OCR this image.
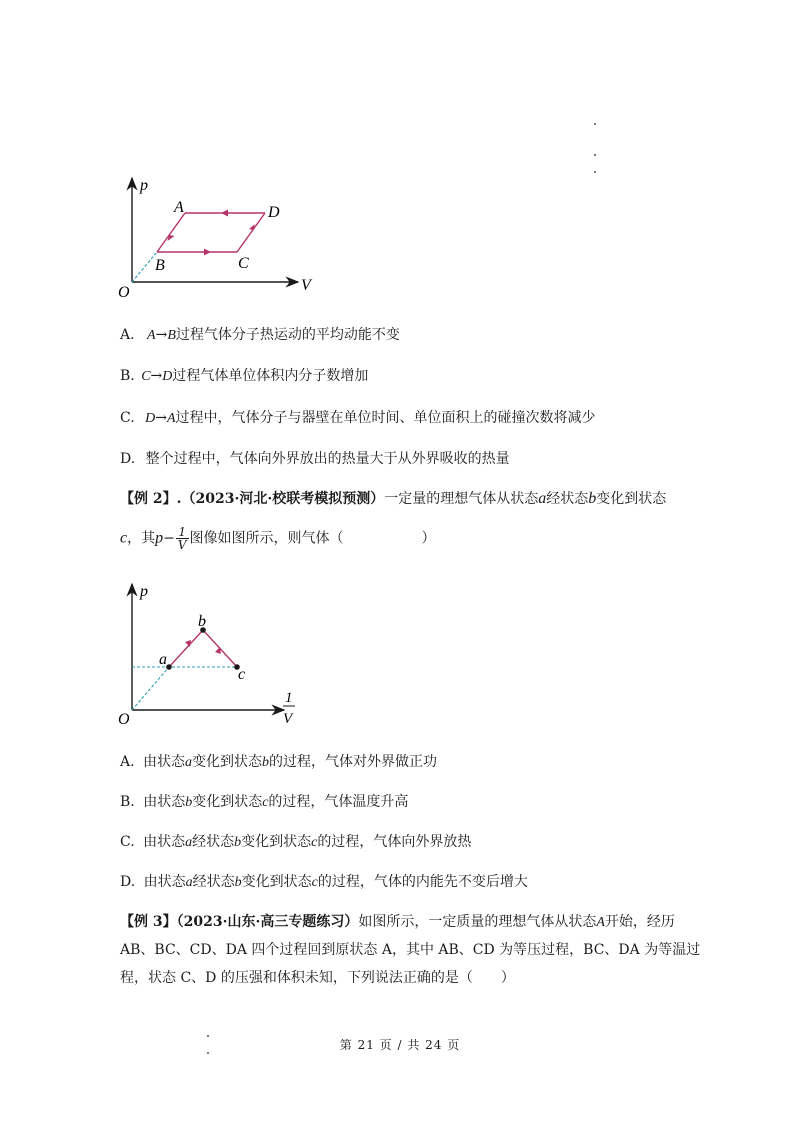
p
V
O
A
B	C
D
A. A→B过程气体分子热运动的平均动能不变
B. C→D过程气体单位体积内分子数增加
C. D→A过程中，气体分子与器壁在单位时间、单位面积上的碰撞次数将减少
D. 整个过程中，气体向外界放出的热量大于从外界吸收的热量
【例 2】.（2023·河北·校联考模拟预测）一定量的理想气体从状态a经状态b变化到状态
c，其$p- \frac{1}{V}$ 图像如图所示，则气体（	）
p
O
a
b
c
1
V
A. 由状态a变化到状态b的过程，气体对外界做正功
B. 由状态b变化到状态c的过程，气体温度升高
C. 由状态a经状态b变化到状态c的过程，气体向外界放热
D. 由状态a经状态b变化到状态c的过程，气体的内能先不变后增大
【例 3】（2023·山东·高三专题练习）如图所示，一定质量的理想气体从状态A开始，经历
AB、BC、CD、DA 四个过程回到原状态 A，其中 AB、CD 为等压过程，BC、DA 为等温过
程，状态 C、D 的压强和体积未知，下列说法正确的是（　　）
第 21 页 / 共 24 页
